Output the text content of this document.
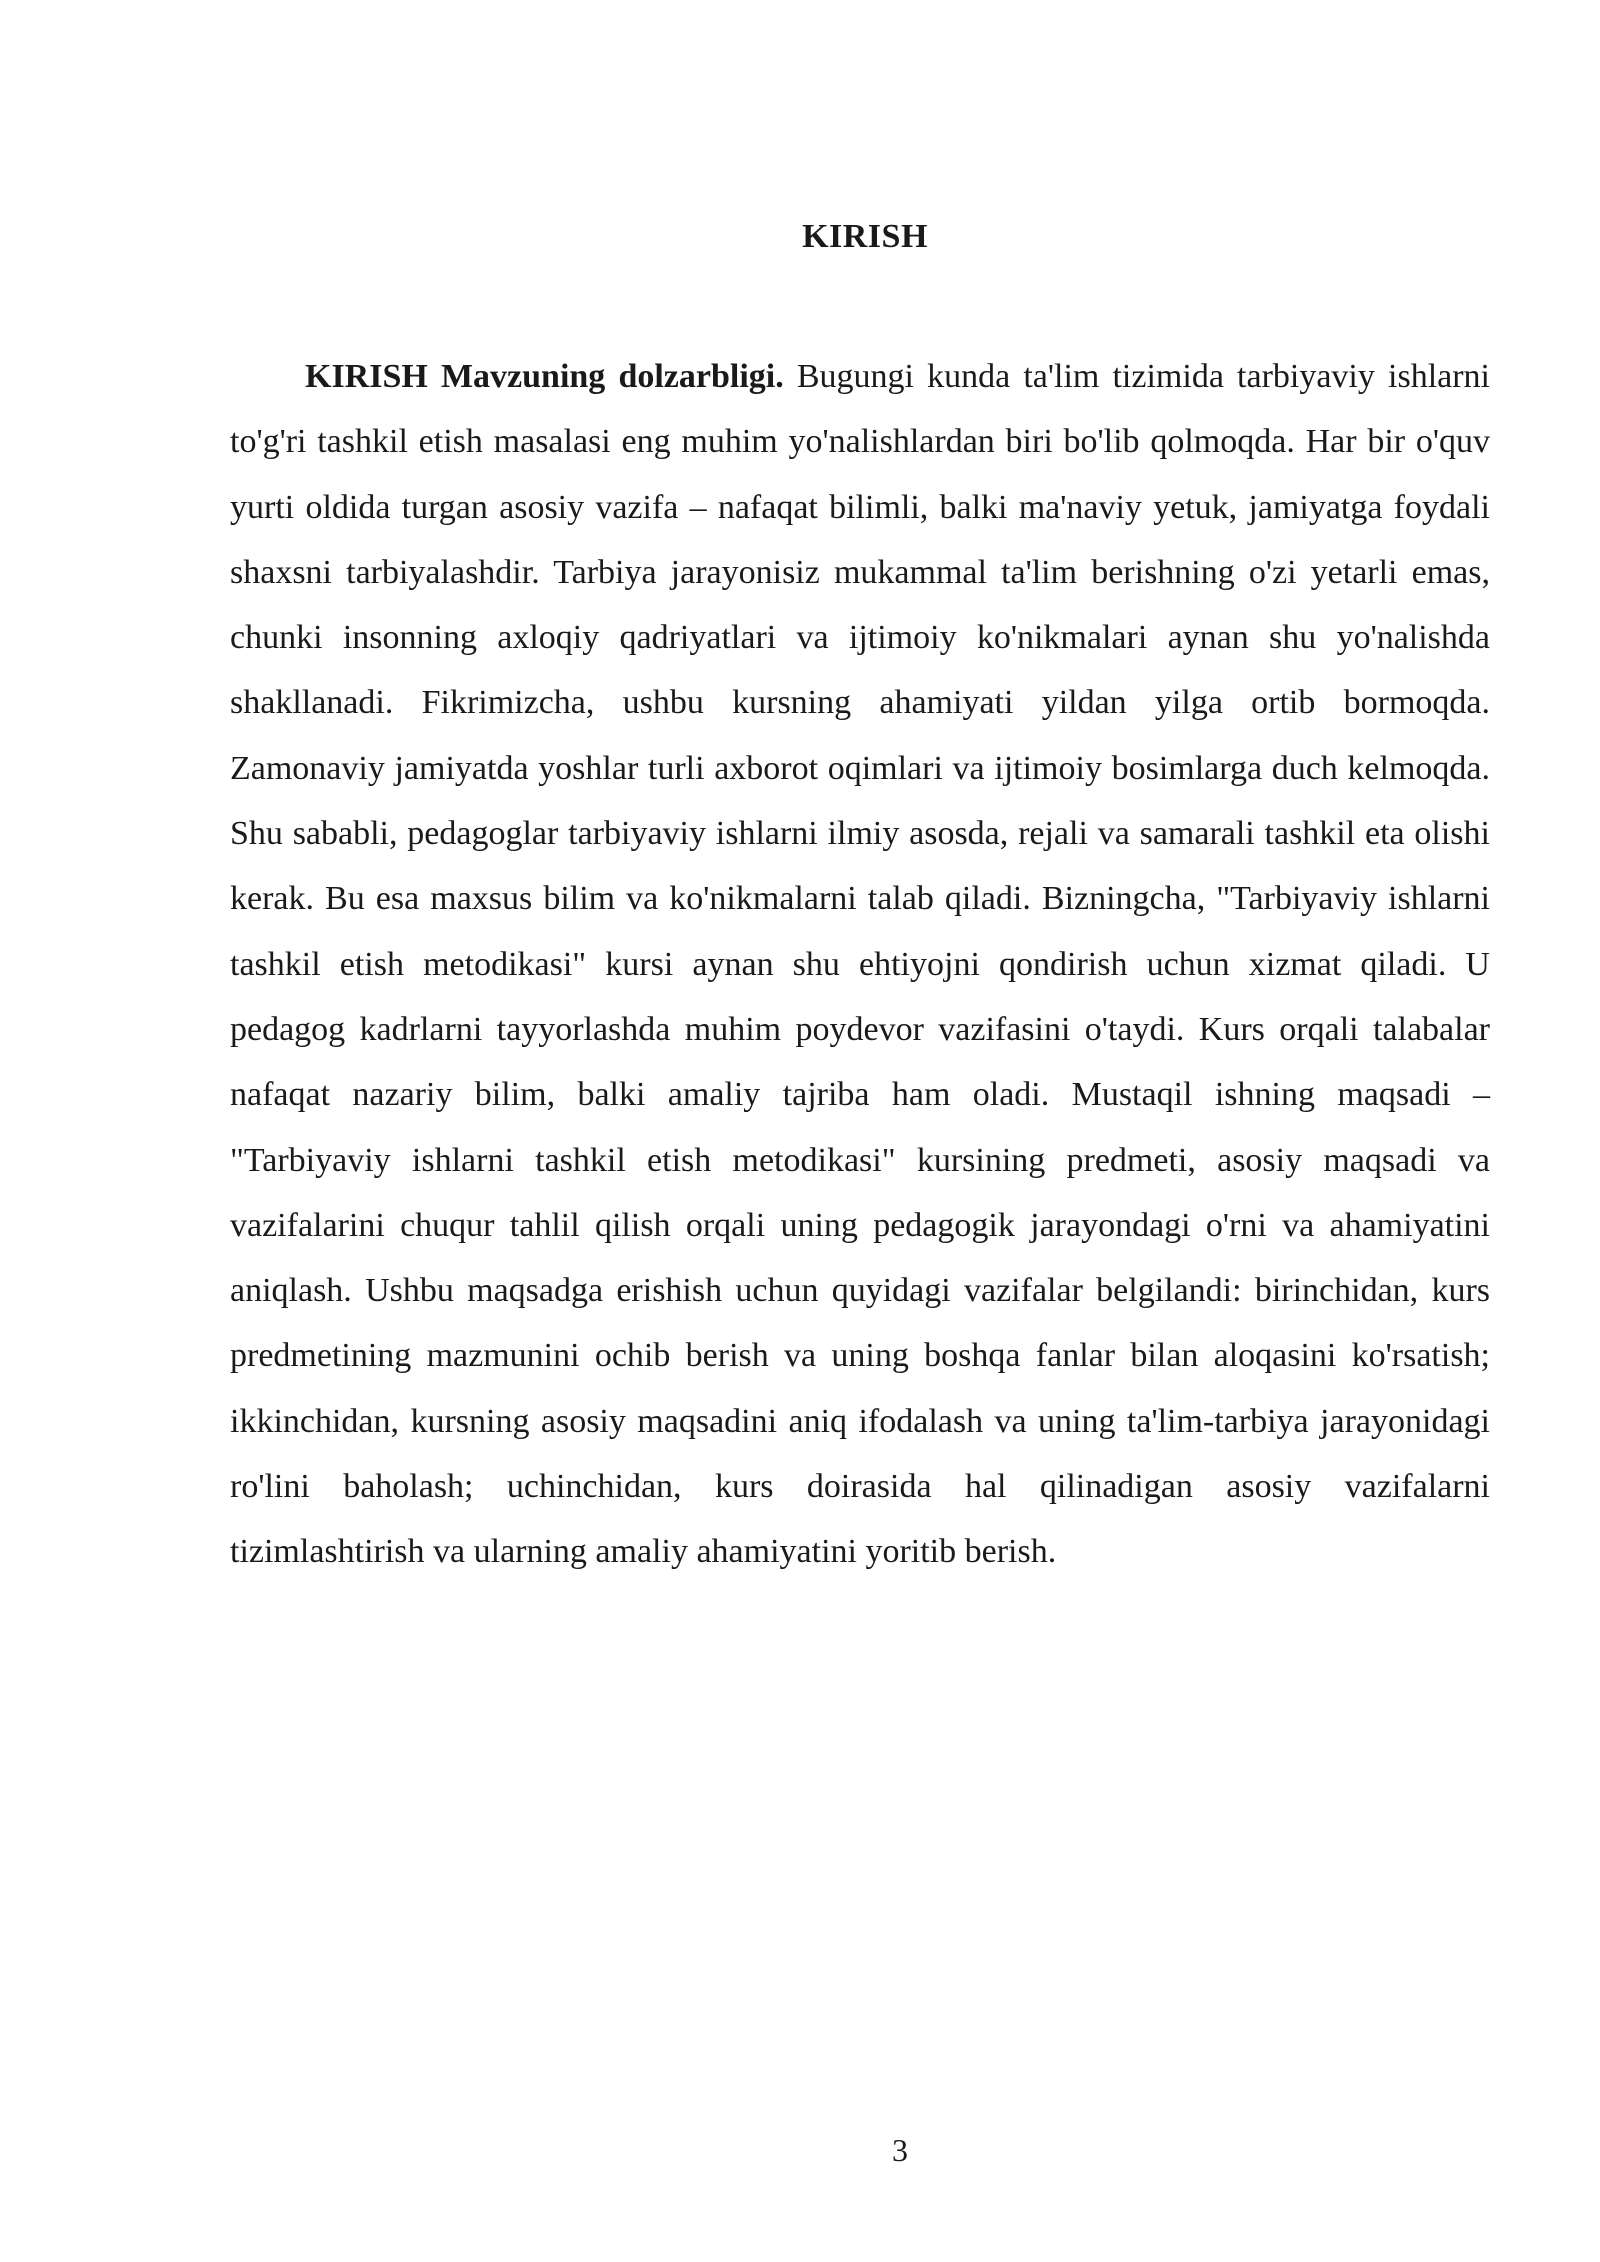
KIRISH

KIRISH Mavzuning dolzarbligi. Bugungi kunda ta'lim tizimida tarbiyaviy ishlarni to'g'ri tashkil etish masalasi eng muhim yo'nalishlardan biri bo'lib qolmoqda. Har bir o'quv yurti oldida turgan asosiy vazifa – nafaqat bilimli, balki ma'naviy yetuk, jamiyatga foydali shaxsni tarbiyalashdir. Tarbiya jarayonisiz mukammal ta'lim berishning o'zi yetarli emas, chunki insonning axloqiy qadriyatlari va ijtimoiy ko'nikmalari aynan shu yo'nalishda shakllanadi. Fikrimizcha, ushbu kursning ahamiyati yildan yilga ortib bormoqda. Zamonaviy jamiyatda yoshlar turli axborot oqimlari va ijtimoiy bosimlarga duch kelmoqda. Shu sababli, pedagoglar tarbiyaviy ishlarni ilmiy asosda, rejali va samarali tashkil eta olishi kerak. Bu esa maxsus bilim va ko'nikmalarni talab qiladi. Bizningcha, "Tarbiyaviy ishlarni tashkil etish metodikasi" kursi aynan shu ehtiyojni qondirish uchun xizmat qiladi. U pedagog kadrlarni tayyorlashda muhim poydevor vazifasini o'taydi. Kurs orqali talabalar nafaqat nazariy bilim, balki amaliy tajriba ham oladi. Mustaqil ishning maqsadi – "Tarbiyaviy ishlarni tashkil etish metodikasi" kursining predmeti, asosiy maqsadi va vazifalarini chuqur tahlil qilish orqali uning pedagogik jarayondagi o'rni va ahamiyatini aniqlash. Ushbu maqsadga erishish uchun quyidagi vazifalar belgilandi: birinchidan, kurs predmetining mazmunini ochib berish va uning boshqa fanlar bilan aloqasini ko'rsatish; ikkinchidan, kursning asosiy maqsadini aniq ifodalash va uning ta'lim-tarbiya jarayonidagi ro'lini baholash; uchinchidan, kurs doirasida hal qilinadigan asosiy vazifalarni tizimlashtirish va ularning amaliy ahamiyatini yoritib berish.

3
